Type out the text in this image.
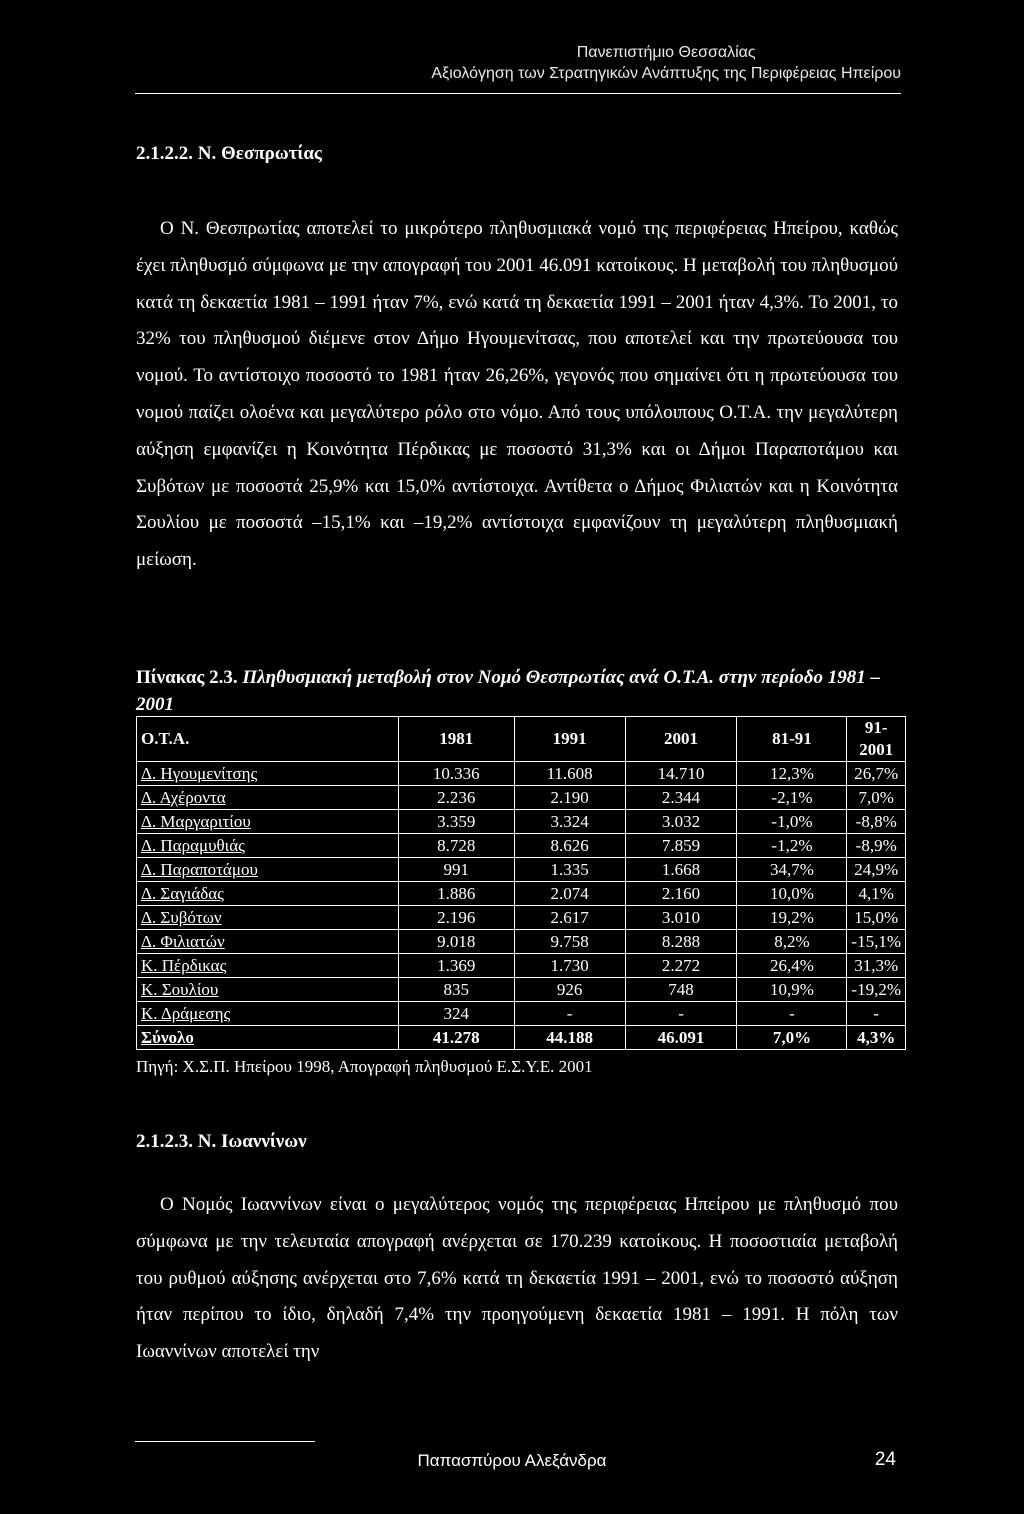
Πανεπιστήμιο Θεσσαλίας
Αξιολόγηση των Στρατηγικών Ανάπτυξης της Περιφέρειας Ηπείρου
2.1.2.2. Ν. Θεσπρωτίας
Ο Ν. Θεσπρωτίας αποτελεί το μικρότερο πληθυσμιακά νομό της περιφέρειας Ηπείρου, καθώς έχει πληθυσμό σύμφωνα με την απογραφή του 2001 46.091 κατοίκους. Η μεταβολή του πληθυσμού κατά τη δεκαετία 1981 – 1991 ήταν 7%, ενώ κατά τη δεκαετία 1991 – 2001 ήταν 4,3%. Το 2001, το 32% του πληθυσμού διέμενε στον Δήμο Ηγουμενίτσας, που αποτελεί και την πρωτεύουσα του νομού. Το αντίστοιχο ποσοστό το 1981 ήταν 26,26%, γεγονός που σημαίνει ότι η πρωτεύουσα του νομού παίζει ολοένα και μεγαλύτερο ρόλο στο νόμο. Από τους υπόλοιπους Ο.Τ.Α. την μεγαλύτερη αύξηση εμφανίζει η Κοινότητα Πέρδικας με ποσοστό 31,3% και οι Δήμοι Παραποτάμου και Συβότων με ποσοστά 25,9% και 15,0% αντίστοιχα. Αντίθετα ο Δήμος Φιλιατών και η Κοινότητα Σουλίου με ποσοστά –15,1% και –19,2% αντίστοιχα εμφανίζουν τη μεγαλύτερη πληθυσμιακή μείωση.
Πίνακας 2.3. Πληθυσμιακή μεταβολή στον Νομό Θεσπρωτίας ανά Ο.Τ.Α. στην περίοδο 1981 – 2001
Ο.Τ.Α.	1981	1991	2001	81-91	91-2001
Δ. Ηγουμενίτσης	10.336	11.608	14.710	12,3%	26,7%
Δ. Αχέροντα	2.236	2.190	2.344	-2,1%	7,0%
Δ. Μαργαριτίου	3.359	3.324	3.032	-1,0%	-8,8%
Δ. Παραμυθιάς	8.728	8.626	7.859	-1,2%	-8,9%
Δ. Παραποτάμου	991	1.335	1.668	34,7%	24,9%
Δ. Σαγιάδας	1.886	2.074	2.160	10,0%	4,1%
Δ. Συβότων	2.196	2.617	3.010	19,2%	15,0%
Δ. Φιλιατών	9.018	9.758	8.288	8,2%	-15,1%
Κ. Πέρδικας	1.369	1.730	2.272	26,4%	31,3%
Κ. Σουλίου	835	926	748	10,9%	-19,2%
Κ. Δράμεσης	324	-	-	-	-
Σύνολο	41.278	44.188	46.091	7,0%	4,3%
Πηγή: Χ.Σ.Π. Ηπείρου 1998, Απογραφή πληθυσμού Ε.Σ.Υ.Ε. 2001
2.1.2.3. Ν. Ιωαννίνων
Ο Νομός Ιωαννίνων είναι ο μεγαλύτερος νομός της περιφέρειας Ηπείρου με πληθυσμό που σύμφωνα με την τελευταία απογραφή ανέρχεται σε 170.239 κατοίκους. Η ποσοστιαία μεταβολή του ρυθμού αύξησης ανέρχεται στο 7,6% κατά τη δεκαετία 1991 – 2001, ενώ το ποσοστό αύξηση ήταν περίπου το ίδιο, δηλαδή 7,4% την προηγούμενη δεκαετία 1981 – 1991. Η πόλη των Ιωαννίνων αποτελεί την
Παπασπύρου Αλεξάνδρα	24
